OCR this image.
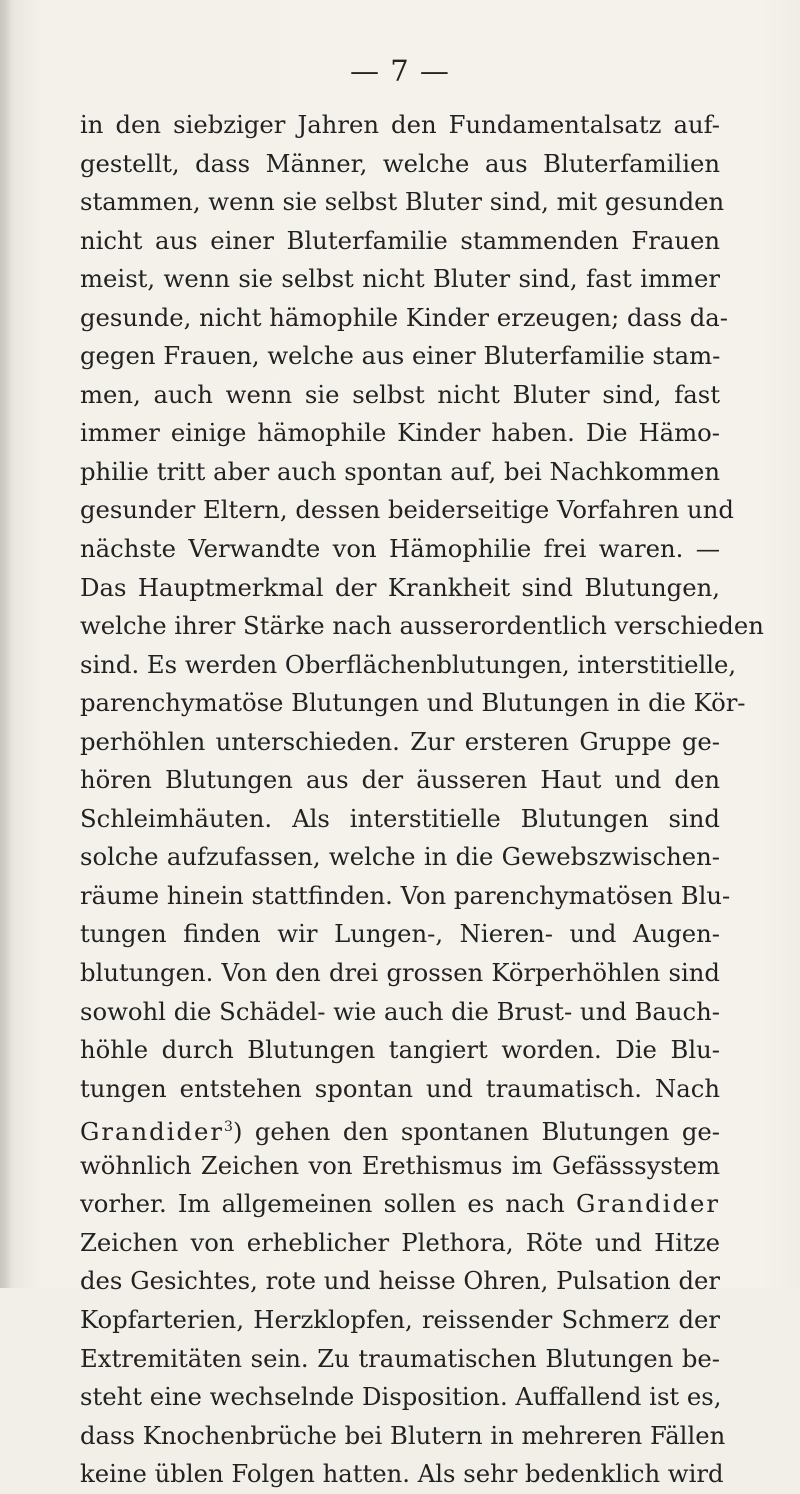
— 7 —
in den siebziger Jahren den Fundamentalsatz auf-
gestellt, dass Männer, welche aus Bluterfamilien
stammen, wenn sie selbst Bluter sind, mit gesunden
nicht aus einer Bluterfamilie stammenden Frauen
meist, wenn sie selbst nicht Bluter sind, fast immer
gesunde, nicht hämophile Kinder erzeugen; dass da-
gegen Frauen, welche aus einer Bluterfamilie stam-
men, auch wenn sie selbst nicht Bluter sind, fast
immer einige hämophile Kinder haben. Die Hämo-
philie tritt aber auch spontan auf, bei Nachkommen
gesunder Eltern, dessen beiderseitige Vorfahren und
nächste Verwandte von Hämophilie frei waren. —
Das Hauptmerkmal der Krankheit sind Blutungen,
welche ihrer Stärke nach ausserordentlich verschieden
sind. Es werden Oberflächenblutungen, interstitielle,
parenchymatöse Blutungen und Blutungen in die Kör-
perhöhlen unterschieden. Zur ersteren Gruppe ge-
hören Blutungen aus der äusseren Haut und den
Schleimhäuten. Als interstitielle Blutungen sind
solche aufzufassen, welche in die Gewebszwischen-
räume hinein stattfinden. Von parenchymatösen Blu-
tungen finden wir Lungen-, Nieren- und Augen-
blutungen. Von den drei grossen Körperhöhlen sind
sowohl die Schädel- wie auch die Brust- und Bauch-
höhle durch Blutungen tangiert worden. Die Blu-
tungen entstehen spontan und traumatisch. Nach
Grandider$^3$) gehen den spontanen Blutungen ge-
wöhnlich Zeichen von Erethismus im Gefässsystem
vorher. Im allgemeinen sollen es nach Grandider
Zeichen von erheblicher Plethora, Röte und Hitze
des Gesichtes, rote und heisse Ohren, Pulsation der
Kopfarterien, Herzklopfen, reissender Schmerz der
Extremitäten sein. Zu traumatischen Blutungen be-
steht eine wechselnde Disposition. Auffallend ist es,
dass Knochenbrüche bei Blutern in mehreren Fällen
keine üblen Folgen hatten. Als sehr bedenklich wird
